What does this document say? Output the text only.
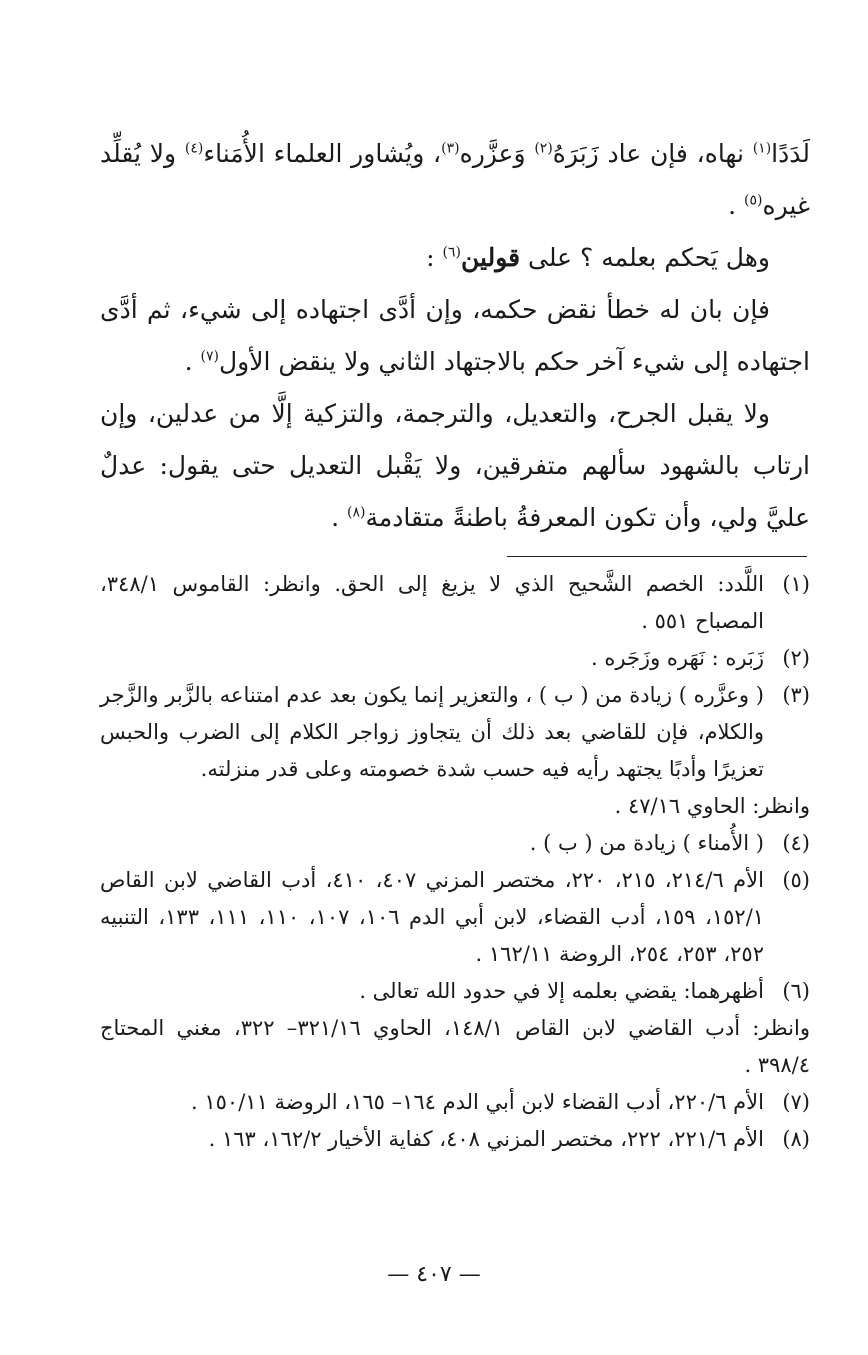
لَدَدًا$^{(١)}$ نهاه، فإن عاد زَبَرَهُ$^{(٢)}$ وَعزَّره$^{(٣)}$، ويُشاور العلماء الأُمَناء$^{(٤)}$ ولا يُقلِّد غيره$^{(٥)}$ .

وهل يَحكم بعلمه ؟ على قولين$^{(٦)}$ :

فإن بان له خطأ نقض حكمه، وإن أدَّى اجتهاده إلى شيء، ثم أدَّى اجتهاده إلى شيء آخر حكم بالاجتهاد الثاني ولا ينقض الأول$^{(٧)}$ .

ولا يقبل الجرح، والتعديل، والترجمة، والتزكية إلَّا من عدلين، وإن ارتاب بالشهود سألهم متفرقين، ولا يَقْبل التعديل حتى يقول: عدلٌ عليَّ ولي، وأن تكون المعرفةُ باطنةً متقادمة$^{(٨)}$ .

(١)
اللَّدد: الخصم الشَّحيح الذي لا يزيغ إلى الحق. وانظر: القاموس ٣٤٨/١، المصباح ٥٥١ .
(٢)
زَبَره : نَهَره وزَجَره .
(٣)
( وعزَّره ) زيادة من ( ب ) ، والتعزير إنما يكون بعد عدم امتناعه بالزَّبر والزَّجر والكلام، فإن للقاضي بعد ذلك أن يتجاوز زواجر الكلام إلى الضرب والحبس تعزيرًا وأدبًا يجتهد رأيه فيه حسب شدة خصومته وعلى قدر منزلته.

وانظر: الحاوي ٤٧/١٦ .

(٤)
( الأُمناء ) زيادة من ( ب ) .
(٥)
الأم ٢١٤/٦، ٢١٥، ٢٢٠، مختصر المزني ٤٠٧، ٤١٠، أدب القاضي لابن القاص ١٥٢/١، ١٥٩، أدب القضاء، لابن أبي الدم ١٠٦، ١٠٧، ١١٠، ١١١، ١٣٣، التنبيه ٢٥٢، ٢٥٣، ٢٥٤، الروضة ١٦٢/١١ .
(٦)
أظهرهما: يقضي بعلمه إلا في حدود الله تعالى .

وانظر: أدب القاضي لابن القاص ١٤٨/١، الحاوي ٣٢١/١٦– ٣٢٢، مغني المحتاج ٣٩٨/٤ .

(٧)
الأم ٢٢٠/٦، أدب القضاء لابن أبي الدم ١٦٤– ١٦٥، الروضة ١٥٠/١١ .
(٨)
الأم ٢٢١/٦، ٢٢٢، مختصر المزني ٤٠٨، كفاية الأخيار ١٦٢/٢، ١٦٣ .
— ٤٠٧ —
